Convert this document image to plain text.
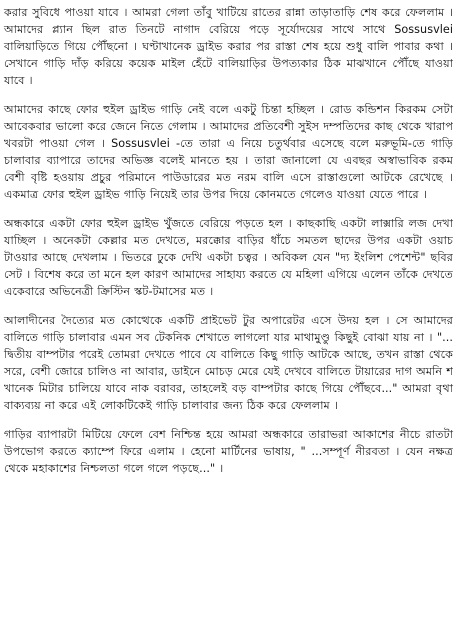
করার সুবিধে পাওয়া যাবে । আমরা গেলা তাঁবু খাটিয়ে রাতের রান্না তাড়াতাড়ি শেষ করে ফেললাম । আমাদের প্ল্যান ছিল রাত তিনটে নাগাদ বেরিয়ে পড়ে সূর্যোদয়ের সাথে সাথে Sossusvlei বালিয়াড়িতে গিয়ে পৌঁছনো । ঘণ্টাখানেক ড্রাইভ করার পর রাস্তা শেষ হয়ে শুধু বালি পাবার কথা । সেখানে গাড়ি দাঁড় করিয়ে কয়েক মাইল হেঁটে বালিয়াড়ির উপত্যকার ঠিক মাঝখানে পৌঁছে যাওয়া যাবে ।

আমাদের কাছে ফোর হুইল ড্রাইভ গাড়ি নেই বলে একটু চিন্তা হচ্ছিল । রোড কন্ডিশন কিরকম সেটা আবেকবার ভালো করে জেনে নিতে গেলাম । আমাদের প্রতিবেশী সুইস দম্পতিদের কাছ থেকে খারাপ খবরটা পাওয়া গেল । Sossusvlei -তে তারা এ নিয়ে চতুর্থবার এসেছে বলে মরুভূমি-তে গাড়ি চালাবার ব্যাপারে তাদের অভিজ্ঞ বলেই মানতে হয় । তারা জানালো যে এবছর অস্বাভাবিক রকম বেশী বৃষ্টি হওয়ায় প্রচুর পরিমানে পাউডারের মত নরম বালি এসে রাস্তাগুলো আটকে রেখেছে । একমাত্র ফোর হুইল ড্রাইভ গাড়ি নিয়েই তার উপর দিয়ে কোনমতে গেলেও যাওয়া যেতে পারে ।

অন্ধকারে একটা ফোর হুইল ড্রাইভ খুঁজতে বেরিয়ে পড়তে হল । কাছকাছি একটা লাক্সারি লজ দেখা যাচ্ছিল । অনেকটা কেল্লার মত দেখতে, মরক্কোর বাড়ির ধাঁচে সমতল ছাদের উপর একটা ওয়াচ টাওয়ার আছে দেখলাম । ভিতরে ঢুকে দেখি একটা চত্বর । অবিকল যেন "দ্য ইংলিশ পেশেন্ট" ছবির সেট । বিশেষ করে তা মনে হল কারণ আমাদের সাহায্য করতে যে মহিলা এগিয়ে এলেন তাঁকে দেখতে একেবারে অভিনেত্রী ক্রিস্টিন স্কট-টমাসের মত ।

আলাদীনের দৈত্যের মত কোত্থেকে একটি প্রাইভেট টুর অপারেটর এসে উদয় হল । সে আমাদের বালিতে গাড়ি চালাবার এমন সব টেকনিক শেখাতে লাগলো যার মাথামুণ্ডু কিছুই বোঝা যায় না । "... দ্বিতীয় বাম্পটার পরেই তোমরা দেখতে পাবে যে বালিতে কিছু গাড়ি আটকে আছে, তখন রাস্তা থেকে সরে, বেশী জোরে চালিও না আবার, ডাইনে মোচড় মেরে যেই দেখবে বালিতে টায়ারের দাগ অমনি শ খানেক মিটার চালিয়ে যাবে নাক বরাবর, তাহলেই বড় বাম্পটার কাছে গিয়ে পৌঁছবে..." আমরা বৃথা বাক্যব্যয় না করে এই লোকটিকেই গাড়ি চালাবার জন্য ঠিক করে ফেললাম ।

গাড়ির ব্যাপারটা মিটিয়ে ফেলে বেশ নিশ্চিন্ত হয়ে আমরা অন্ধকারে তারাভরা আকাশের নীচে রাতটা উপভোগ করতে ক্যাম্পে ফিরে এলাম । হেনো মার্টিনের ভাষায়, " ...সম্পূর্ণ নীরবতা । যেন নক্ষত্র থেকে মহাকাশের নিশ্চলতা গলে গলে পড়ছে..." ।
